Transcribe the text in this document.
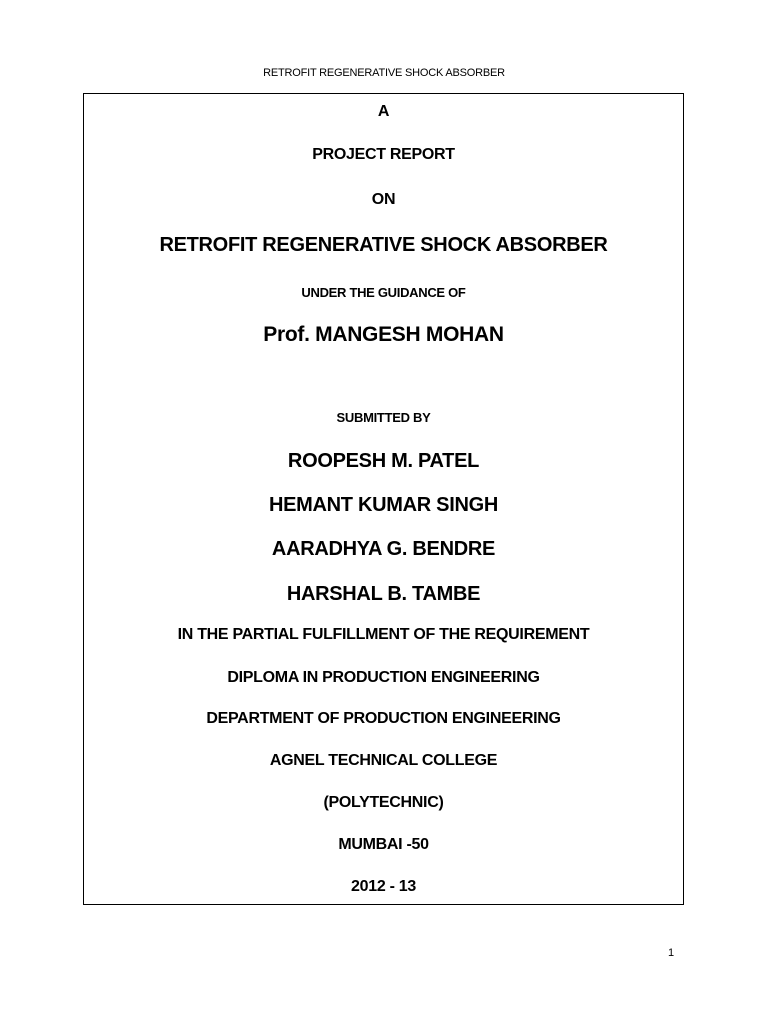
RETROFIT REGENERATIVE SHOCK ABSORBER
A
PROJECT REPORT
ON
RETROFIT REGENERATIVE SHOCK ABSORBER
UNDER THE GUIDANCE OF
Prof. MANGESH MOHAN
SUBMITTED BY
ROOPESH M. PATEL
HEMANT KUMAR SINGH
AARADHYA G. BENDRE
HARSHAL B. TAMBE
IN THE PARTIAL FULFILLMENT OF THE REQUIREMENT
DIPLOMA IN PRODUCTION ENGINEERING
DEPARTMENT OF PRODUCTION ENGINEERING
AGNEL TECHNICAL COLLEGE
(POLYTECHNIC)
MUMBAI -50
2012 - 13
1
